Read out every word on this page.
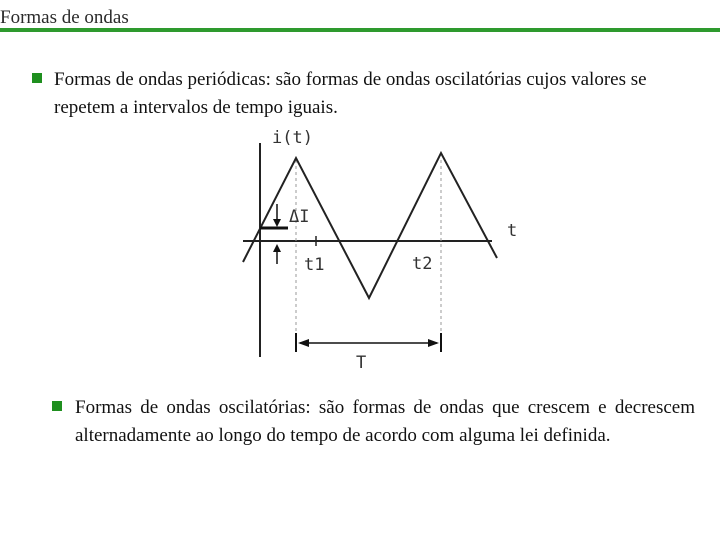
Formas de ondas
Formas de ondas periódicas: são formas de ondas oscilatórias cujos valores se repetem a intervalos de tempo iguais.
i(t)
t
ΔI
t1	t2
T
Formas de ondas oscilatórias: são formas de ondas que crescem e decrescem alternadamente ao longo do tempo de acordo com alguma lei definida.
